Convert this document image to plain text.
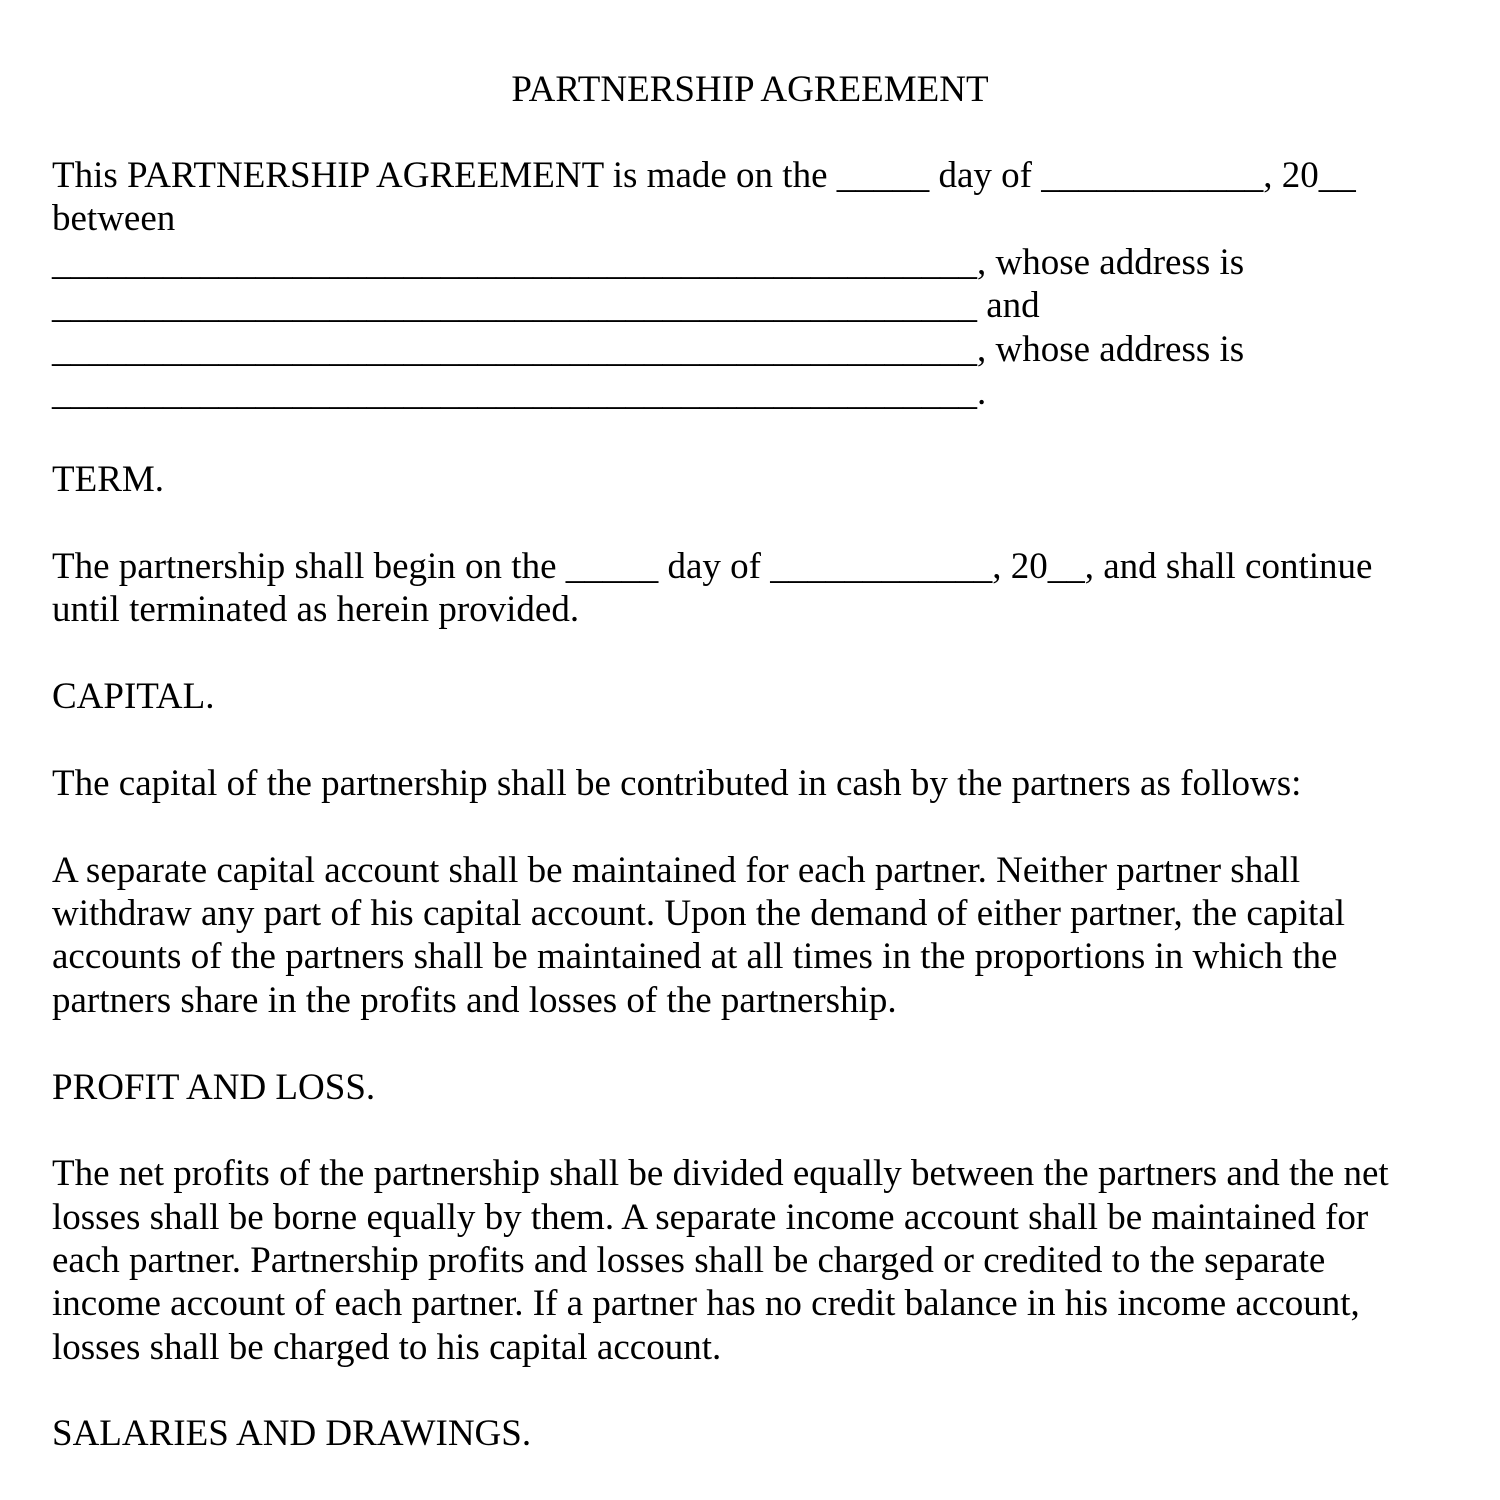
PARTNERSHIP AGREEMENT

This PARTNERSHIP AGREEMENT is made on the _____ day of ____________, 20__

between

__________________________________________________, whose address is

__________________________________________________ and

__________________________________________________, whose address is

__________________________________________________.

TERM.

The partnership shall begin on the _____ day of ____________, 20__, and shall continue

until terminated as herein provided.

CAPITAL.

The capital of the partnership shall be contributed in cash by the partners as follows:

A separate capital account shall be maintained for each partner. Neither partner shall

withdraw any part of his capital account. Upon the demand of either partner, the capital

accounts of the partners shall be maintained at all times in the proportions in which the

partners share in the profits and losses of the partnership.

PROFIT AND LOSS.

The net profits of the partnership shall be divided equally between the partners and the net

losses shall be borne equally by them. A separate income account shall be maintained for

each partner. Partnership profits and losses shall be charged or credited to the separate

income account of each partner. If a partner has no credit balance in his income account,

losses shall be charged to his capital account.

SALARIES AND DRAWINGS.
